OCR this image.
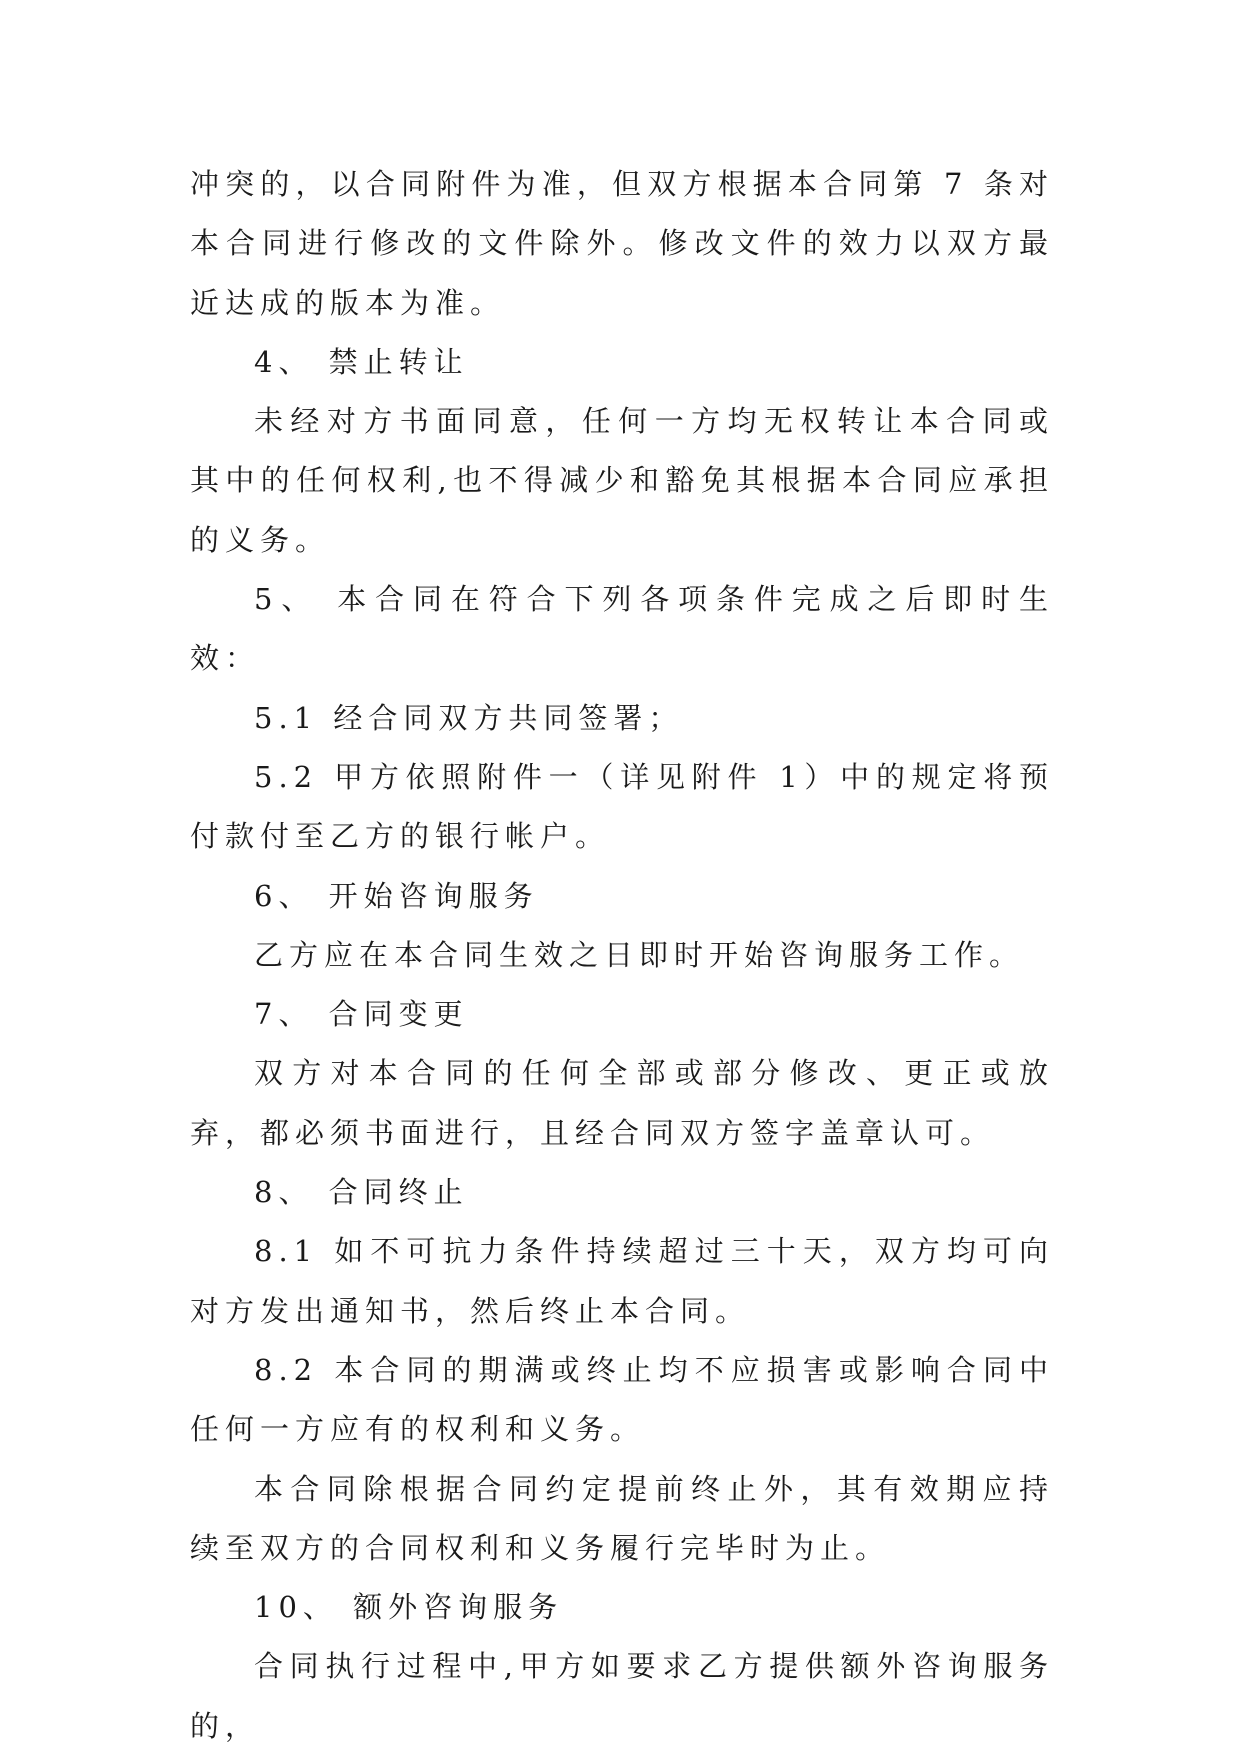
冲突的，以合同附件为准，但双方根据本合同第 7 条对本合同进行修改的文件除外。修改文件的效力以双方最近达成的版本为准。

4、 禁止转让

未经对方书面同意，任何一方均无权转让本合同或其中的任何权利,也不得减少和豁免其根据本合同应承担的义务。

5、 本合同在符合下列各项条件完成之后即时生效：

5.1 经合同双方共同签署；

5.2 甲方依照附件一（详见附件 1）中的规定将预付款付至乙方的银行帐户。

6、 开始咨询服务

乙方应在本合同生效之日即时开始咨询服务工作。

7、 合同变更

双方对本合同的任何全部或部分修改、更正或放弃，都必须书面进行，且经合同双方签字盖章认可。

8、 合同终止

8.1 如不可抗力条件持续超过三十天，双方均可向对方发出通知书，然后终止本合同。

8.2 本合同的期满或终止均不应损害或影响合同中任何一方应有的权利和义务。

本合同除根据合同约定提前终止外，其有效期应持续至双方的合同权利和义务履行完毕时为止。

10、 额外咨询服务

合同执行过程中,甲方如要求乙方提供额外咨询服务的，
